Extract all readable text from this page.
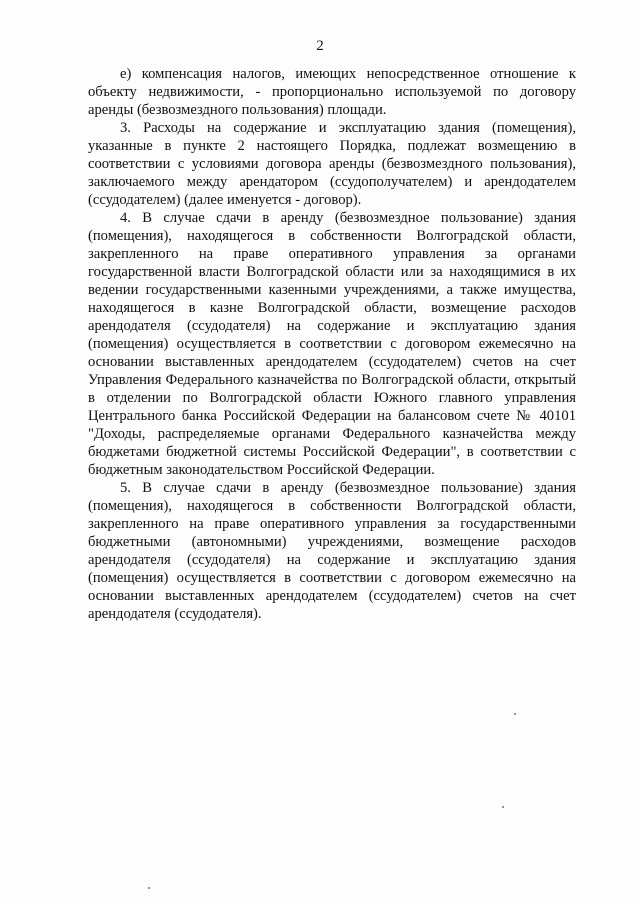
2

е) компенсация налогов, имеющих непосредственное отношение к объекту недвижимости, - пропорционально используемой по договору аренды (безвозмездного пользования) площади.

3. Расходы на содержание и эксплуатацию здания (помещения), указанные в пункте 2 настоящего Порядка, подлежат возмещению в соответствии с условиями договора аренды (безвозмездного пользования), заключаемого между арендатором (ссудополучателем) и арендодателем (ссудодателем) (далее именуется - договор).

4. В случае сдачи в аренду (безвозмездное пользование) здания (помещения), находящегося в собственности Волгоградской области, закрепленного на праве оперативного управления за органами государственной власти Волгоградской области или за находящимися в их ведении государственными казенными учреждениями, а также имущества, находящегося в казне Волгоградской области, возмещение расходов арендодателя (ссудодателя) на содержание и эксплуатацию здания (помещения) осуществляется в соответствии с договором ежемесячно на основании выставленных арендодателем (ссудодателем) счетов на счет Управления Федерального казначейства по Волгоградской области, открытый в отделении по Волгоградской области Южного главного управления Центрального банка Российской Федерации на балансовом счете № 40101 "Доходы, распределяемые органами Федерального казначейства между бюджетами бюджетной системы Российской Федерации", в соответствии с бюджетным законодательством Российской Федерации.

5. В случае сдачи в аренду (безвозмездное пользование) здания (помещения), находящегося в собственности Волгоградской области, закрепленного на праве оперативного управления за государственными бюджетными (автономными) учреждениями, возмещение расходов арендодателя (ссудодателя) на содержание и эксплуатацию здания (помещения) осуществляется в соответствии с договором ежемесячно на основании выставленных арендодателем (ссудодателем) счетов на счет арендодателя (ссудодателя).
